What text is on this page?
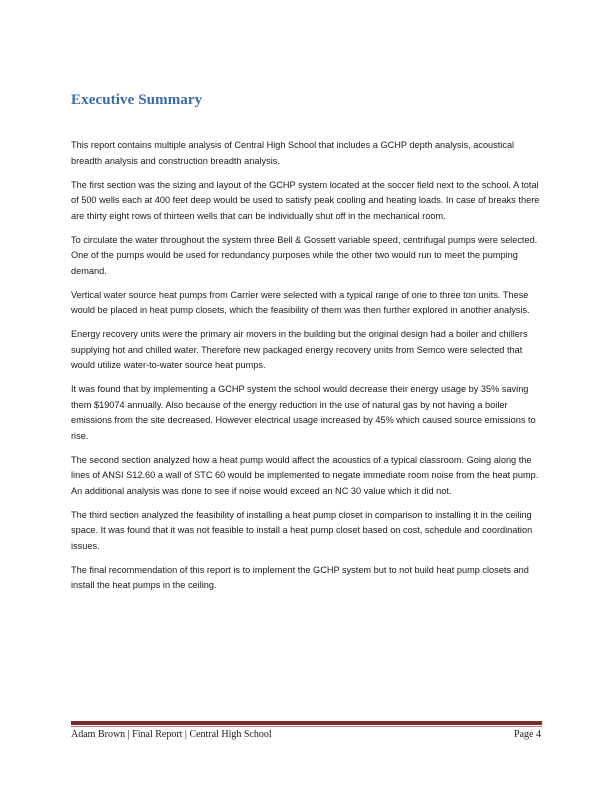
Executive Summary

This report contains multiple analysis of Central High School that includes a GCHP depth analysis, acoustical breadth analysis and construction breadth analysis.

The first section was the sizing and layout of the GCHP system located at the soccer field next to the school. A total of 500 wells each at 400 feet deep would be used to satisfy peak cooling and heating loads. In case of breaks there are thirty eight rows of thirteen wells that can be individually shut off in the mechanical room.

To circulate the water throughout the system three Bell & Gossett variable speed, centrifugal pumps were selected. One of the pumps would be used for redundancy purposes while the other two would run to meet the pumping demand.

Vertical water source heat pumps from Carrier were selected with a typical range of one to three ton units. These would be placed in heat pump closets, which the feasibility of them was then further explored in another analysis.

Energy recovery units were the primary air movers in the building but the original design had a boiler and chillers supplying hot and chilled water. Therefore new packaged energy recovery units from Semco were selected that would utilize water-to-water source heat pumps.

It was found that by implementing a GCHP system the school would decrease their energy usage by 35% saving them $19074 annually. Also because of the energy reduction in the use of natural gas by not having a boiler emissions from the site decreased. However electrical usage increased by 45% which caused source emissions to rise.

The second section analyzed how a heat pump would affect the acoustics of a typical classroom. Going along the lines of ANSI S12.60 a wall of STC 60 would be implemented to negate immediate room noise from the heat pump. An additional analysis was done to see if noise would exceed an NC 30 value which it did not.

The third section analyzed the feasibility of installing a heat pump closet in comparison to installing it in the ceiling space. It was found that it was not feasible to install a heat pump closet based on cost, schedule and coordination issues.

The final recommendation of this report is to implement the GCHP system but to not build heat pump closets and install the heat pumps in the ceiling.

Adam Brown | Final Report | Central High School	Page 4
